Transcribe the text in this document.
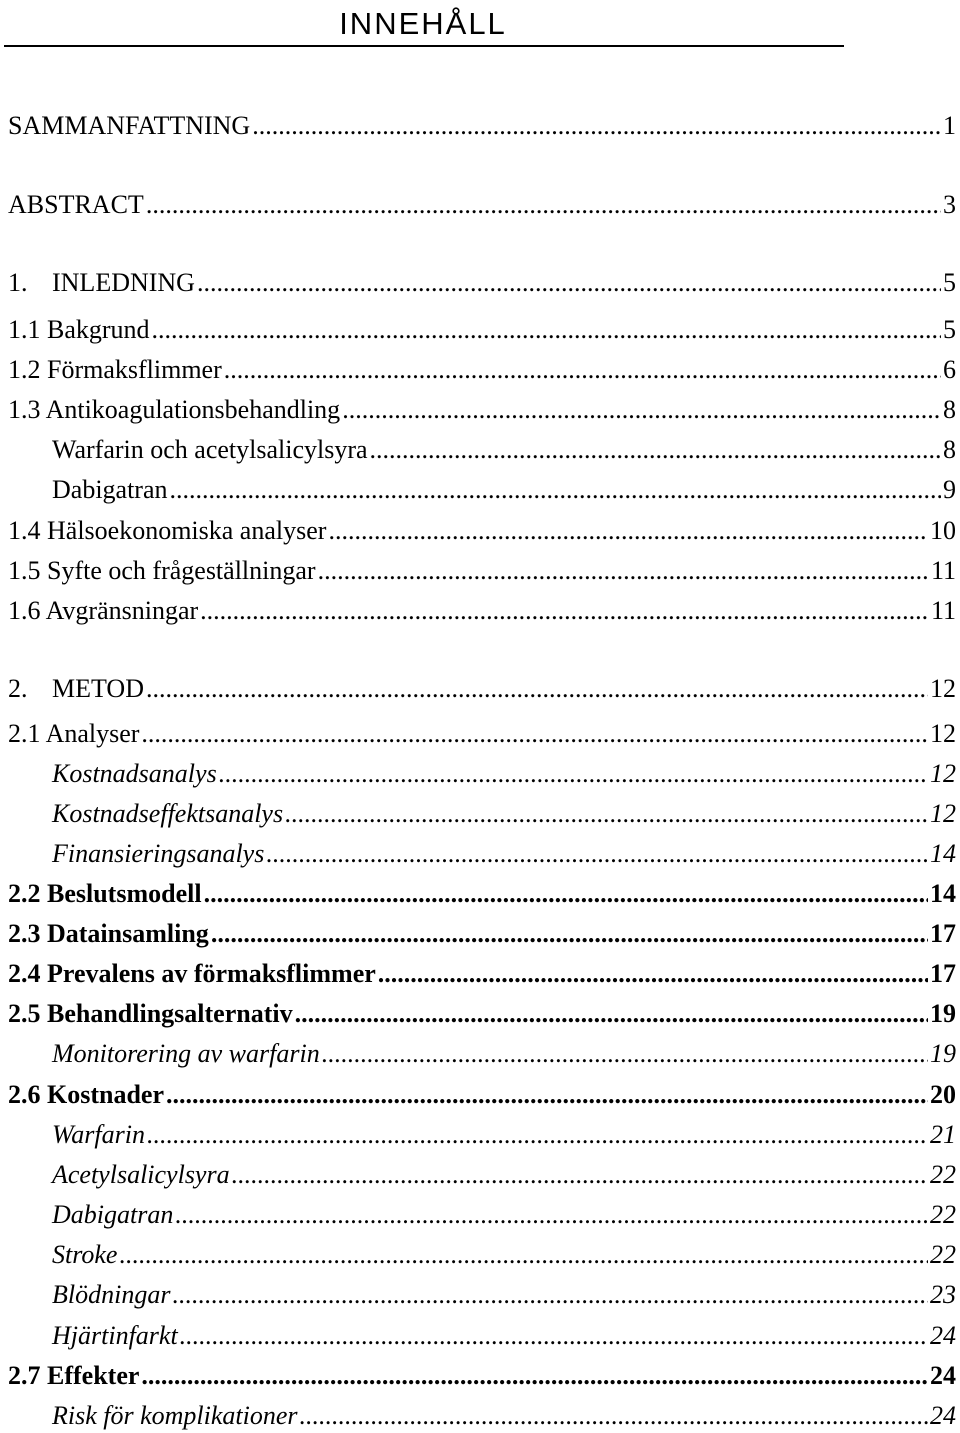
INNEHÅLL
SAMMANFATTNING .....	1
ABSTRACT .....	3
1. INLEDNING .....	5
1.1 Bakgrund .....	5
1.2 Förmaksflimmer .....	6
1.3 Antikoagulationsbehandling .....	8
Warfarin och acetylsalicylsyra .....	8
Dabigatran .....	9
1.4 Hälsoekonomiska analyser .....	10
1.5 Syfte och frågeställningar .....	11
1.6 Avgränsningar .....	11
2. METOD .....	12
2.1 Analyser .....	12
Kostnadsanalys .....	12
Kostnadseffektsanalys .....	12
Finansieringsanalys .....	14
2.2 Beslutsmodell .....	14
2.3 Datainsamling .....	17
2.4 Prevalens av förmaksflimmer .....	17
2.5 Behandlingsalternativ .....	19
Monitorering av warfarin .....	19
2.6 Kostnader .....	20
Warfarin .....	21
Acetylsalicylsyra .....	22
Dabigatran .....	22
Stroke .....	22
Blödningar .....	23
Hjärtinfarkt .....	24
2.7 Effekter .....	24
Risk för komplikationer .....	24
